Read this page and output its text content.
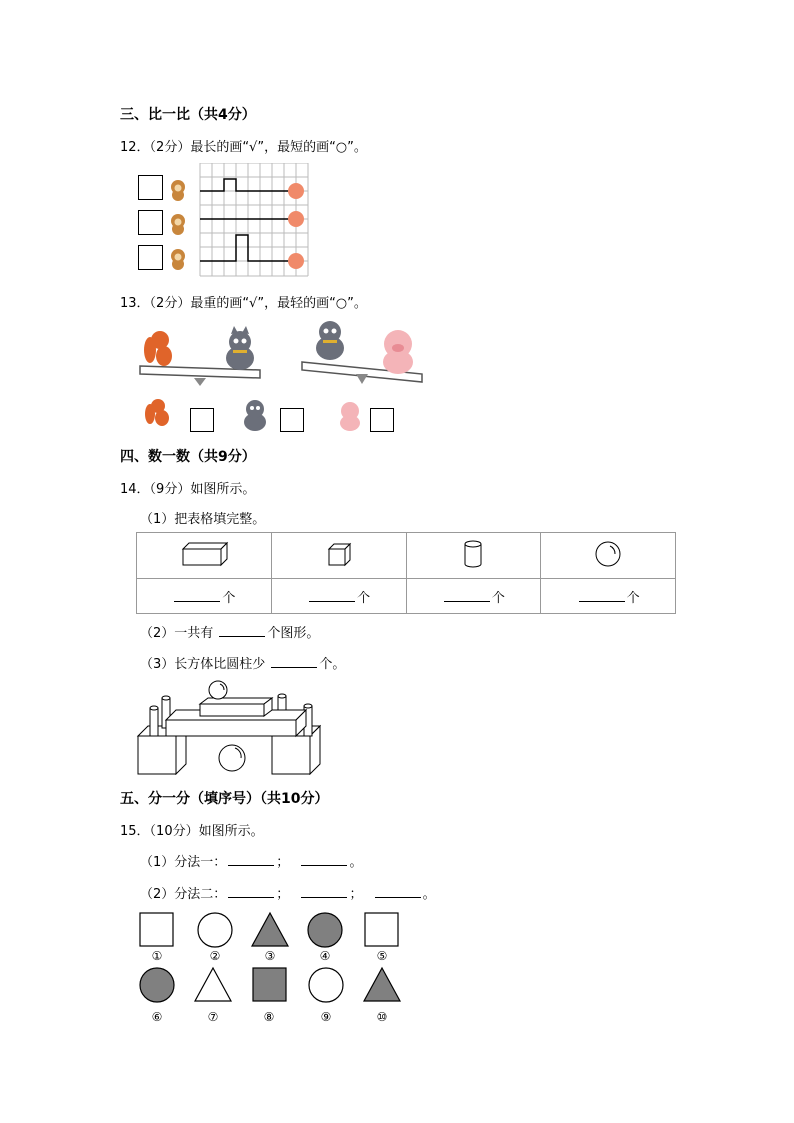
三、比一比（共4分）
12．（2分）最长的画“√”，最短的画“○”。
13．（2分）最重的画“√”，最轻的画“○”。
四、数一数（共9分）
14．（9分）如图所示。
（1）把表格填完整。

个	个	个	个
（2）一共有	个图形。
（3）长方体比圆柱少	个。
五、分一分（填序号）（共10分）
15．（10分）如图所示。
（1）分法一：	；	。
（2）分法二：	；	；	。
①	②	③	④	⑤
⑥	⑦	⑧	⑨	⑩
